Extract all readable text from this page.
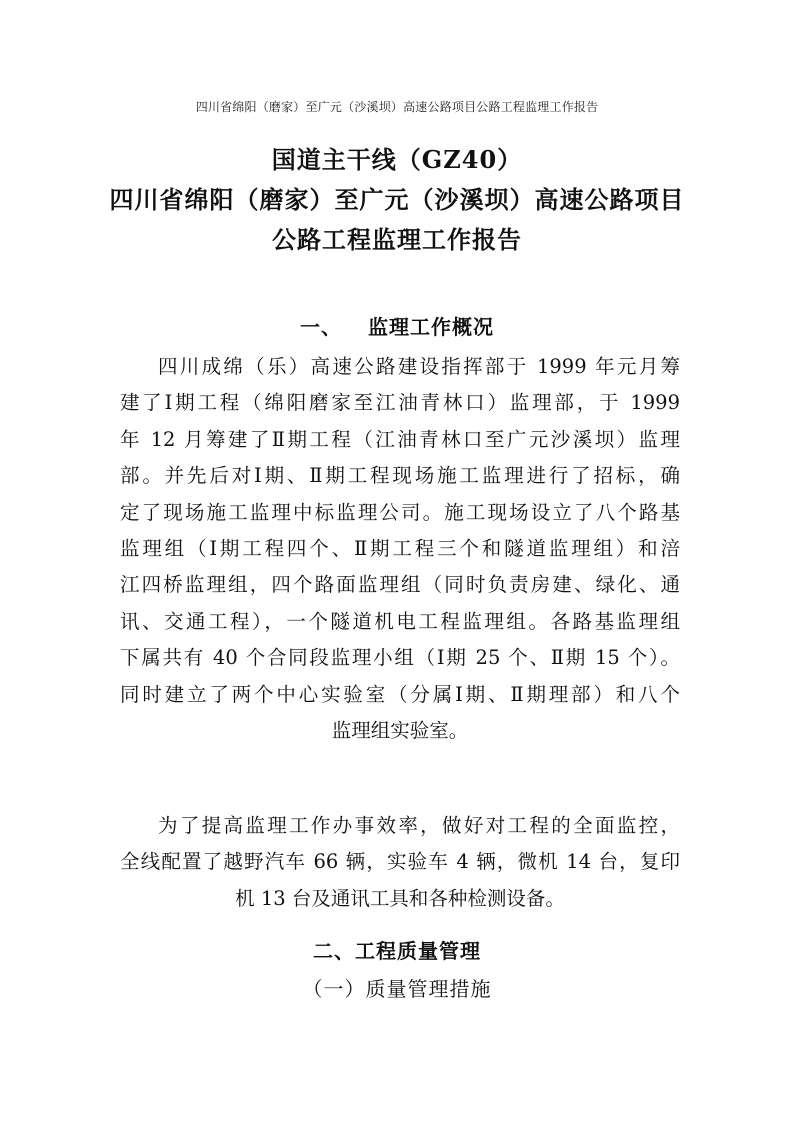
四川省绵阳（磨家）至广元（沙溪坝）高速公路项目公路工程监理工作报告
国道主干线（GZ40）
四川省绵阳（磨家）至广元（沙溪坝）高速公路项目
公路工程监理工作报告
一、 监理工作概况
四川成绵（乐）高速公路建设指挥部于 1999 年元月筹
建了Ⅰ期工程（绵阳磨家至江油青林口）监理部，于 1999
年 12 月筹建了Ⅱ期工程（江油青林口至广元沙溪坝）监理
部。并先后对Ⅰ期、Ⅱ期工程现场施工监理进行了招标，确
定了现场施工监理中标监理公司。施工现场设立了八个路基
监理组（Ⅰ期工程四个、Ⅱ期工程三个和隧道监理组）和涪
江四桥监理组，四个路面监理组（同时负责房建、绿化、通
讯、交通工程），一个隧道机电工程监理组。各路基监理组
下属共有 40 个合同段监理小组（Ⅰ期 25 个、Ⅱ期 15 个）。
同时建立了两个中心实验室（分属Ⅰ期、Ⅱ期理部）和八个
监理组实验室。
为了提高监理工作办事效率，做好对工程的全面监控，
全线配置了越野汽车 66 辆，实验车 4 辆，微机 14 台，复印
机 13 台及通讯工具和各种检测设备。
二、工程质量管理
（一）质量管理措施
